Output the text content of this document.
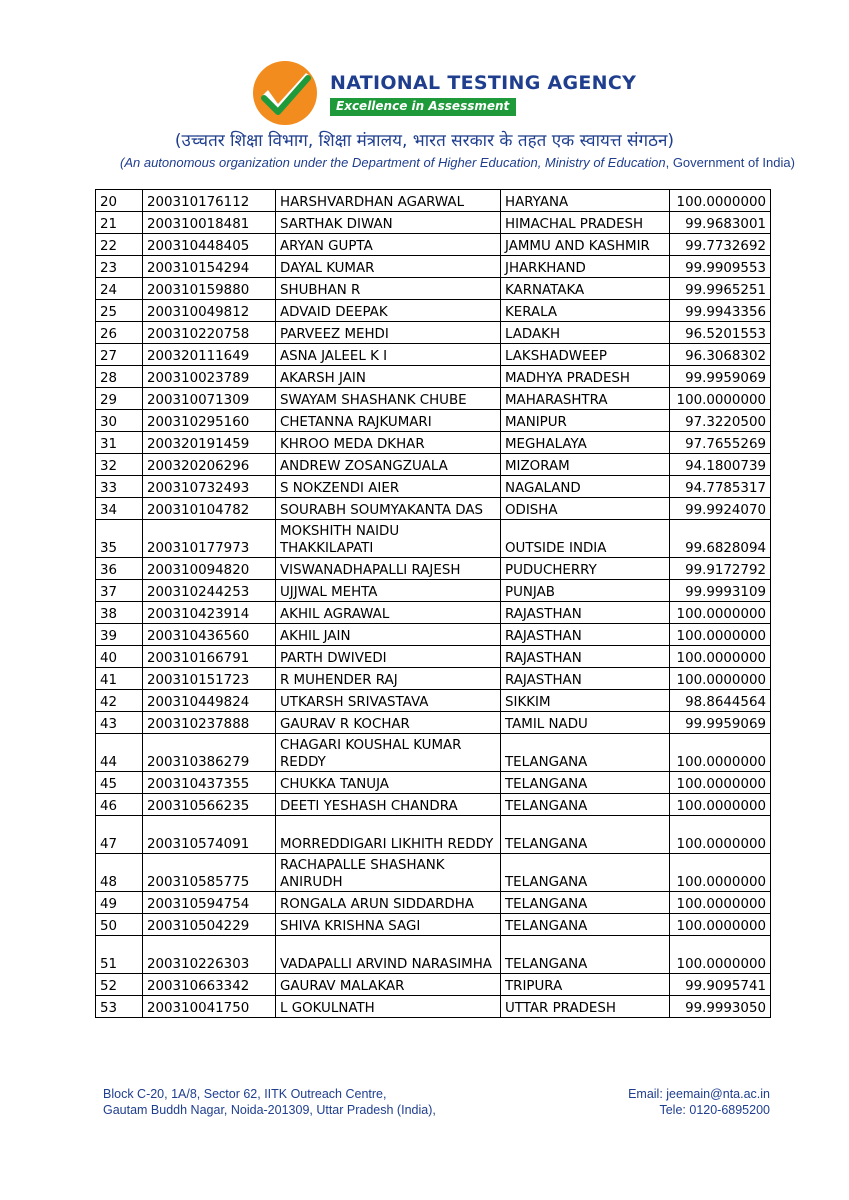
NATIONAL TESTING AGENCY
Excellence in Assessment
(उच्चतर शिक्षा विभाग, शिक्षा मंत्रालय, भारत सरकार के तहत एक स्वायत्त संगठन)
(An autonomous organization under the Department of Higher Education, Ministry of Education, Government of India)
20	200310176112	HARSHVARDHAN AGARWAL	HARYANA	100.0000000
21	200310018481	SARTHAK DIWAN	HIMACHAL PRADESH	99.9683001
22	200310448405	ARYAN GUPTA	JAMMU AND KASHMIR	99.7732692
23	200310154294	DAYAL KUMAR	JHARKHAND	99.9909553
24	200310159880	SHUBHAN R	KARNATAKA	99.9965251
25	200310049812	ADVAID DEEPAK	KERALA	99.9943356
26	200310220758	PARVEEZ MEHDI	LADAKH	96.5201553
27	200320111649	ASNA JALEEL K I	LAKSHADWEEP	96.3068302
28	200310023789	AKARSH JAIN	MADHYA PRADESH	99.9959069
29	200310071309	SWAYAM SHASHANK CHUBE	MAHARASHTRA	100.0000000
30	200310295160	CHETANNA RAJKUMARI	MANIPUR	97.3220500
31	200320191459	KHROO MEDA DKHAR	MEGHALAYA	97.7655269
32	200320206296	ANDREW ZOSANGZUALA	MIZORAM	94.1800739
33	200310732493	S NOKZENDI AIER	NAGALAND	94.7785317
34	200310104782	SOURABH SOUMYAKANTA DAS	ODISHA	99.9924070
35	200310177973	MOKSHITH NAIDU THAKKILAPATI	OUTSIDE INDIA	99.6828094
36	200310094820	VISWANADHAPALLI RAJESH	PUDUCHERRY	99.9172792
37	200310244253	UJJWAL MEHTA	PUNJAB	99.9993109
38	200310423914	AKHIL AGRAWAL	RAJASTHAN	100.0000000
39	200310436560	AKHIL JAIN	RAJASTHAN	100.0000000
40	200310166791	PARTH DWIVEDI	RAJASTHAN	100.0000000
41	200310151723	R MUHENDER RAJ	RAJASTHAN	100.0000000
42	200310449824	UTKARSH SRIVASTAVA	SIKKIM	98.8644564
43	200310237888	GAURAV R KOCHAR	TAMIL NADU	99.9959069
44	200310386279	CHAGARI KOUSHAL KUMAR REDDY	TELANGANA	100.0000000
45	200310437355	CHUKKA TANUJA	TELANGANA	100.0000000
46	200310566235	DEETI YESHASH CHANDRA	TELANGANA	100.0000000
47	200310574091	MORREDDIGARI LIKHITH REDDY	TELANGANA	100.0000000
48	200310585775	RACHAPALLE SHASHANK ANIRUDH	TELANGANA	100.0000000
49	200310594754	RONGALA ARUN SIDDARDHA	TELANGANA	100.0000000
50	200310504229	SHIVA KRISHNA SAGI	TELANGANA	100.0000000
51	200310226303	VADAPALLI ARVIND NARASIMHA	TELANGANA	100.0000000
52	200310663342	GAURAV MALAKAR	TRIPURA	99.9095741
53	200310041750	L GOKULNATH	UTTAR PRADESH	99.9993050
Block C-20, 1A/8, Sector 62, IITK Outreach Centre,
Gautam Buddh Nagar, Noida-201309, Uttar Pradesh (India),
Email: jeemain@nta.ac.in
Tele: 0120-6895200
